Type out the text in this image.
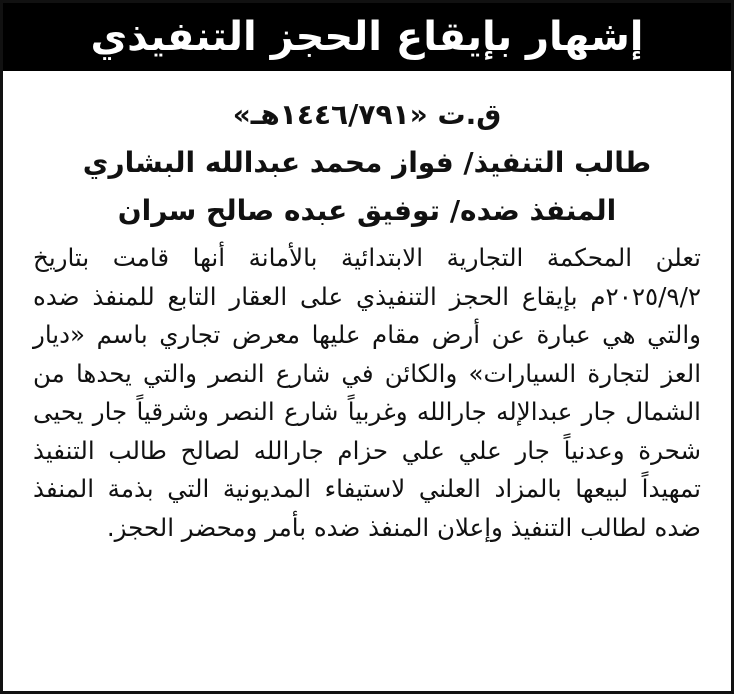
إشهار بإيقاع الحجز التنفيذي
ق.ت «١٤٤٦/٧٩١هـ»
طالب التنفيذ/ فواز محمد عبدالله البشاري
المنفذ ضده/ توفيق عبده صالح سران
تعلن المحكمة التجارية الابتدائية بالأمانة أنها قامت بتاريخ ٢٠٢٥/٩/٢م بإيقاع الحجز التنفيذي على العقار التابع للمنفذ ضده والتي هي عبارة عن أرض مقام عليها معرض تجاري باسم «ديار العز لتجارة السيارات» والكائن في شارع النصر والتي يحدها من الشمال جار عبدالإله جارالله وغربياً شارع النصر وشرقياً جار يحيى شحرة وعدنياً جار علي علي حزام جارالله لصالح طالب التنفيذ تمهيداً لبيعها بالمزاد العلني لاستيفاء المديونية التي بذمة المنفذ ضده لطالب التنفيذ وإعلان المنفذ ضده بأمر ومحضر الحجز.
